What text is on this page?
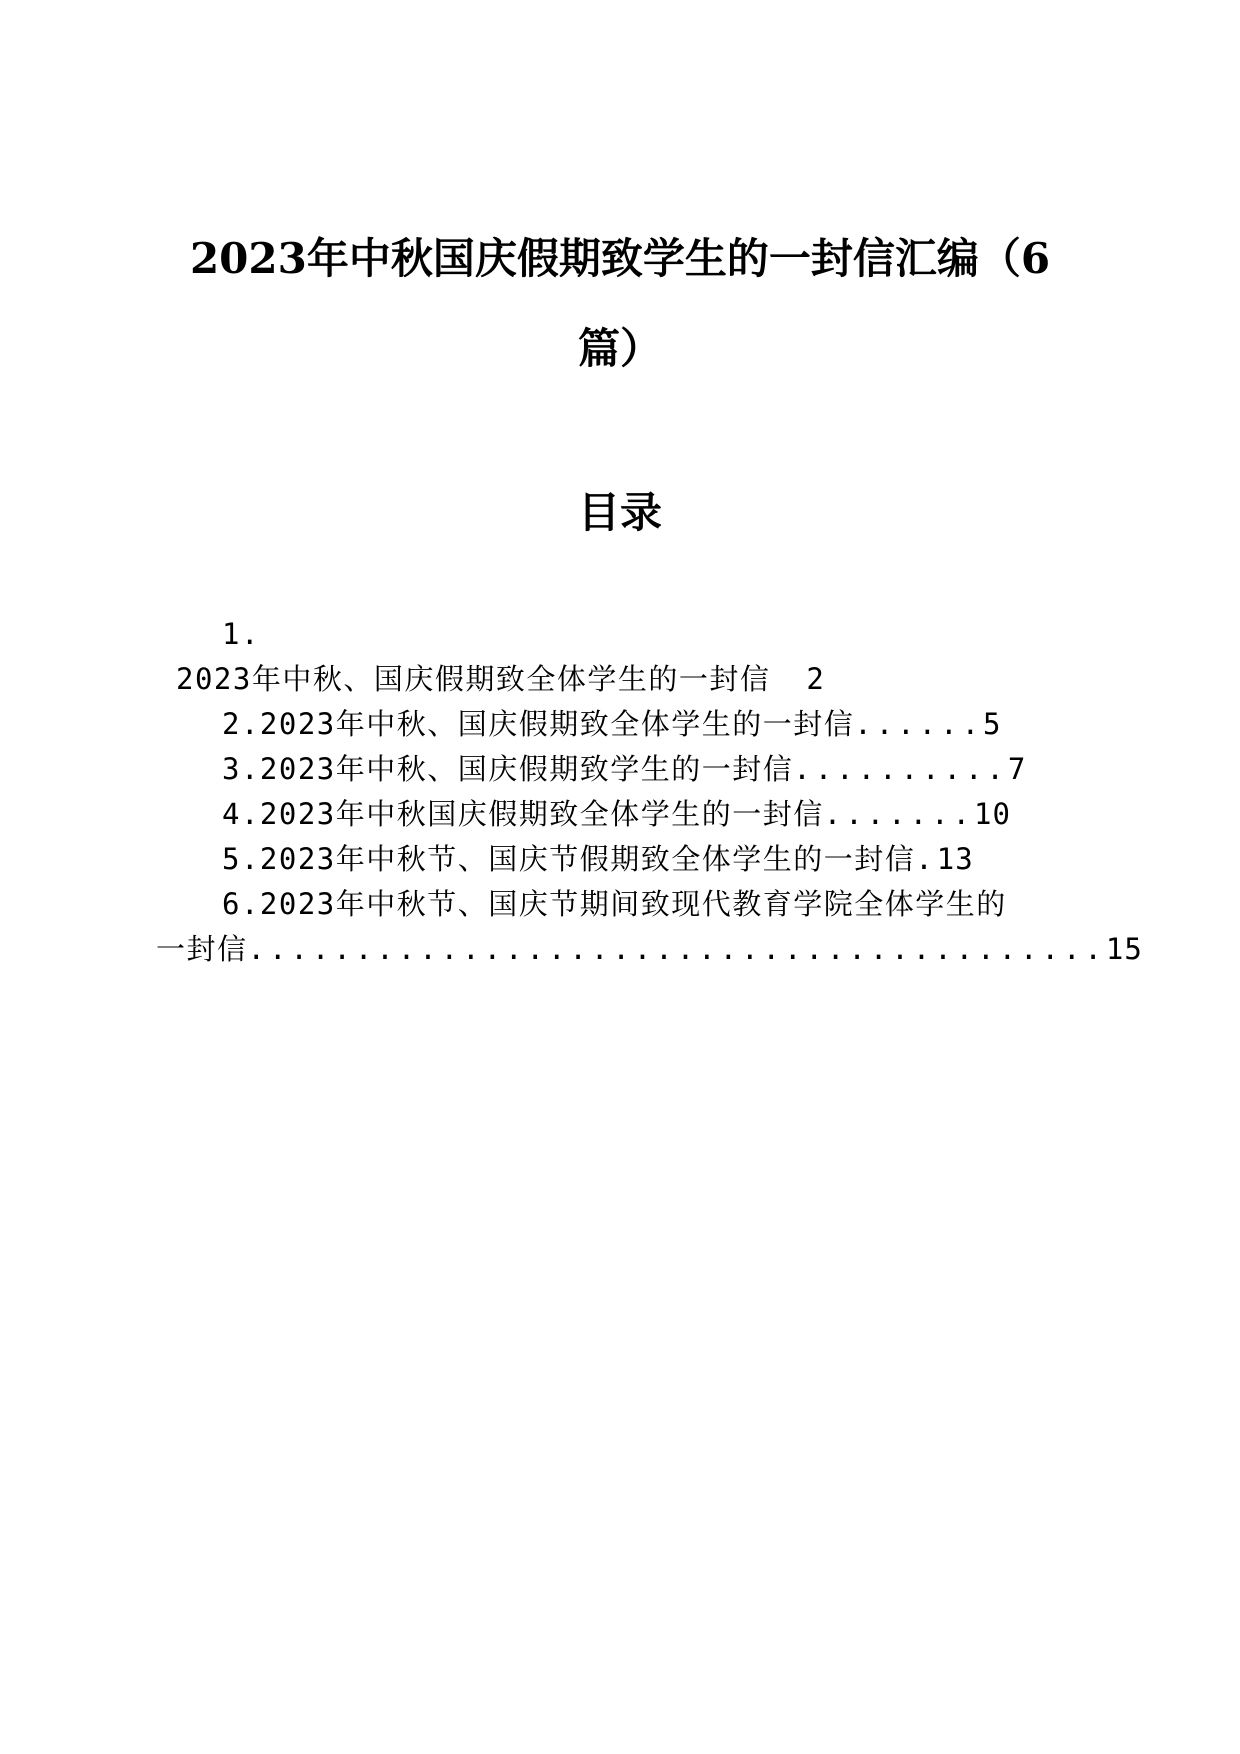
2023年中秋国庆假期致学生的一封信汇编（6
篇）
目录
1.
2023年中秋、国庆假期致全体学生的一封信 2
2.2023年中秋、国庆假期致全体学生的一封信......5
3.2023年中秋、国庆假期致学生的一封信..........7
4.2023年中秋国庆假期致全体学生的一封信.......10
5.2023年中秋节、国庆节假期致全体学生的一封信.13
6.2023年中秋节、国庆节期间致现代教育学院全体学生的
一封信........................................15
